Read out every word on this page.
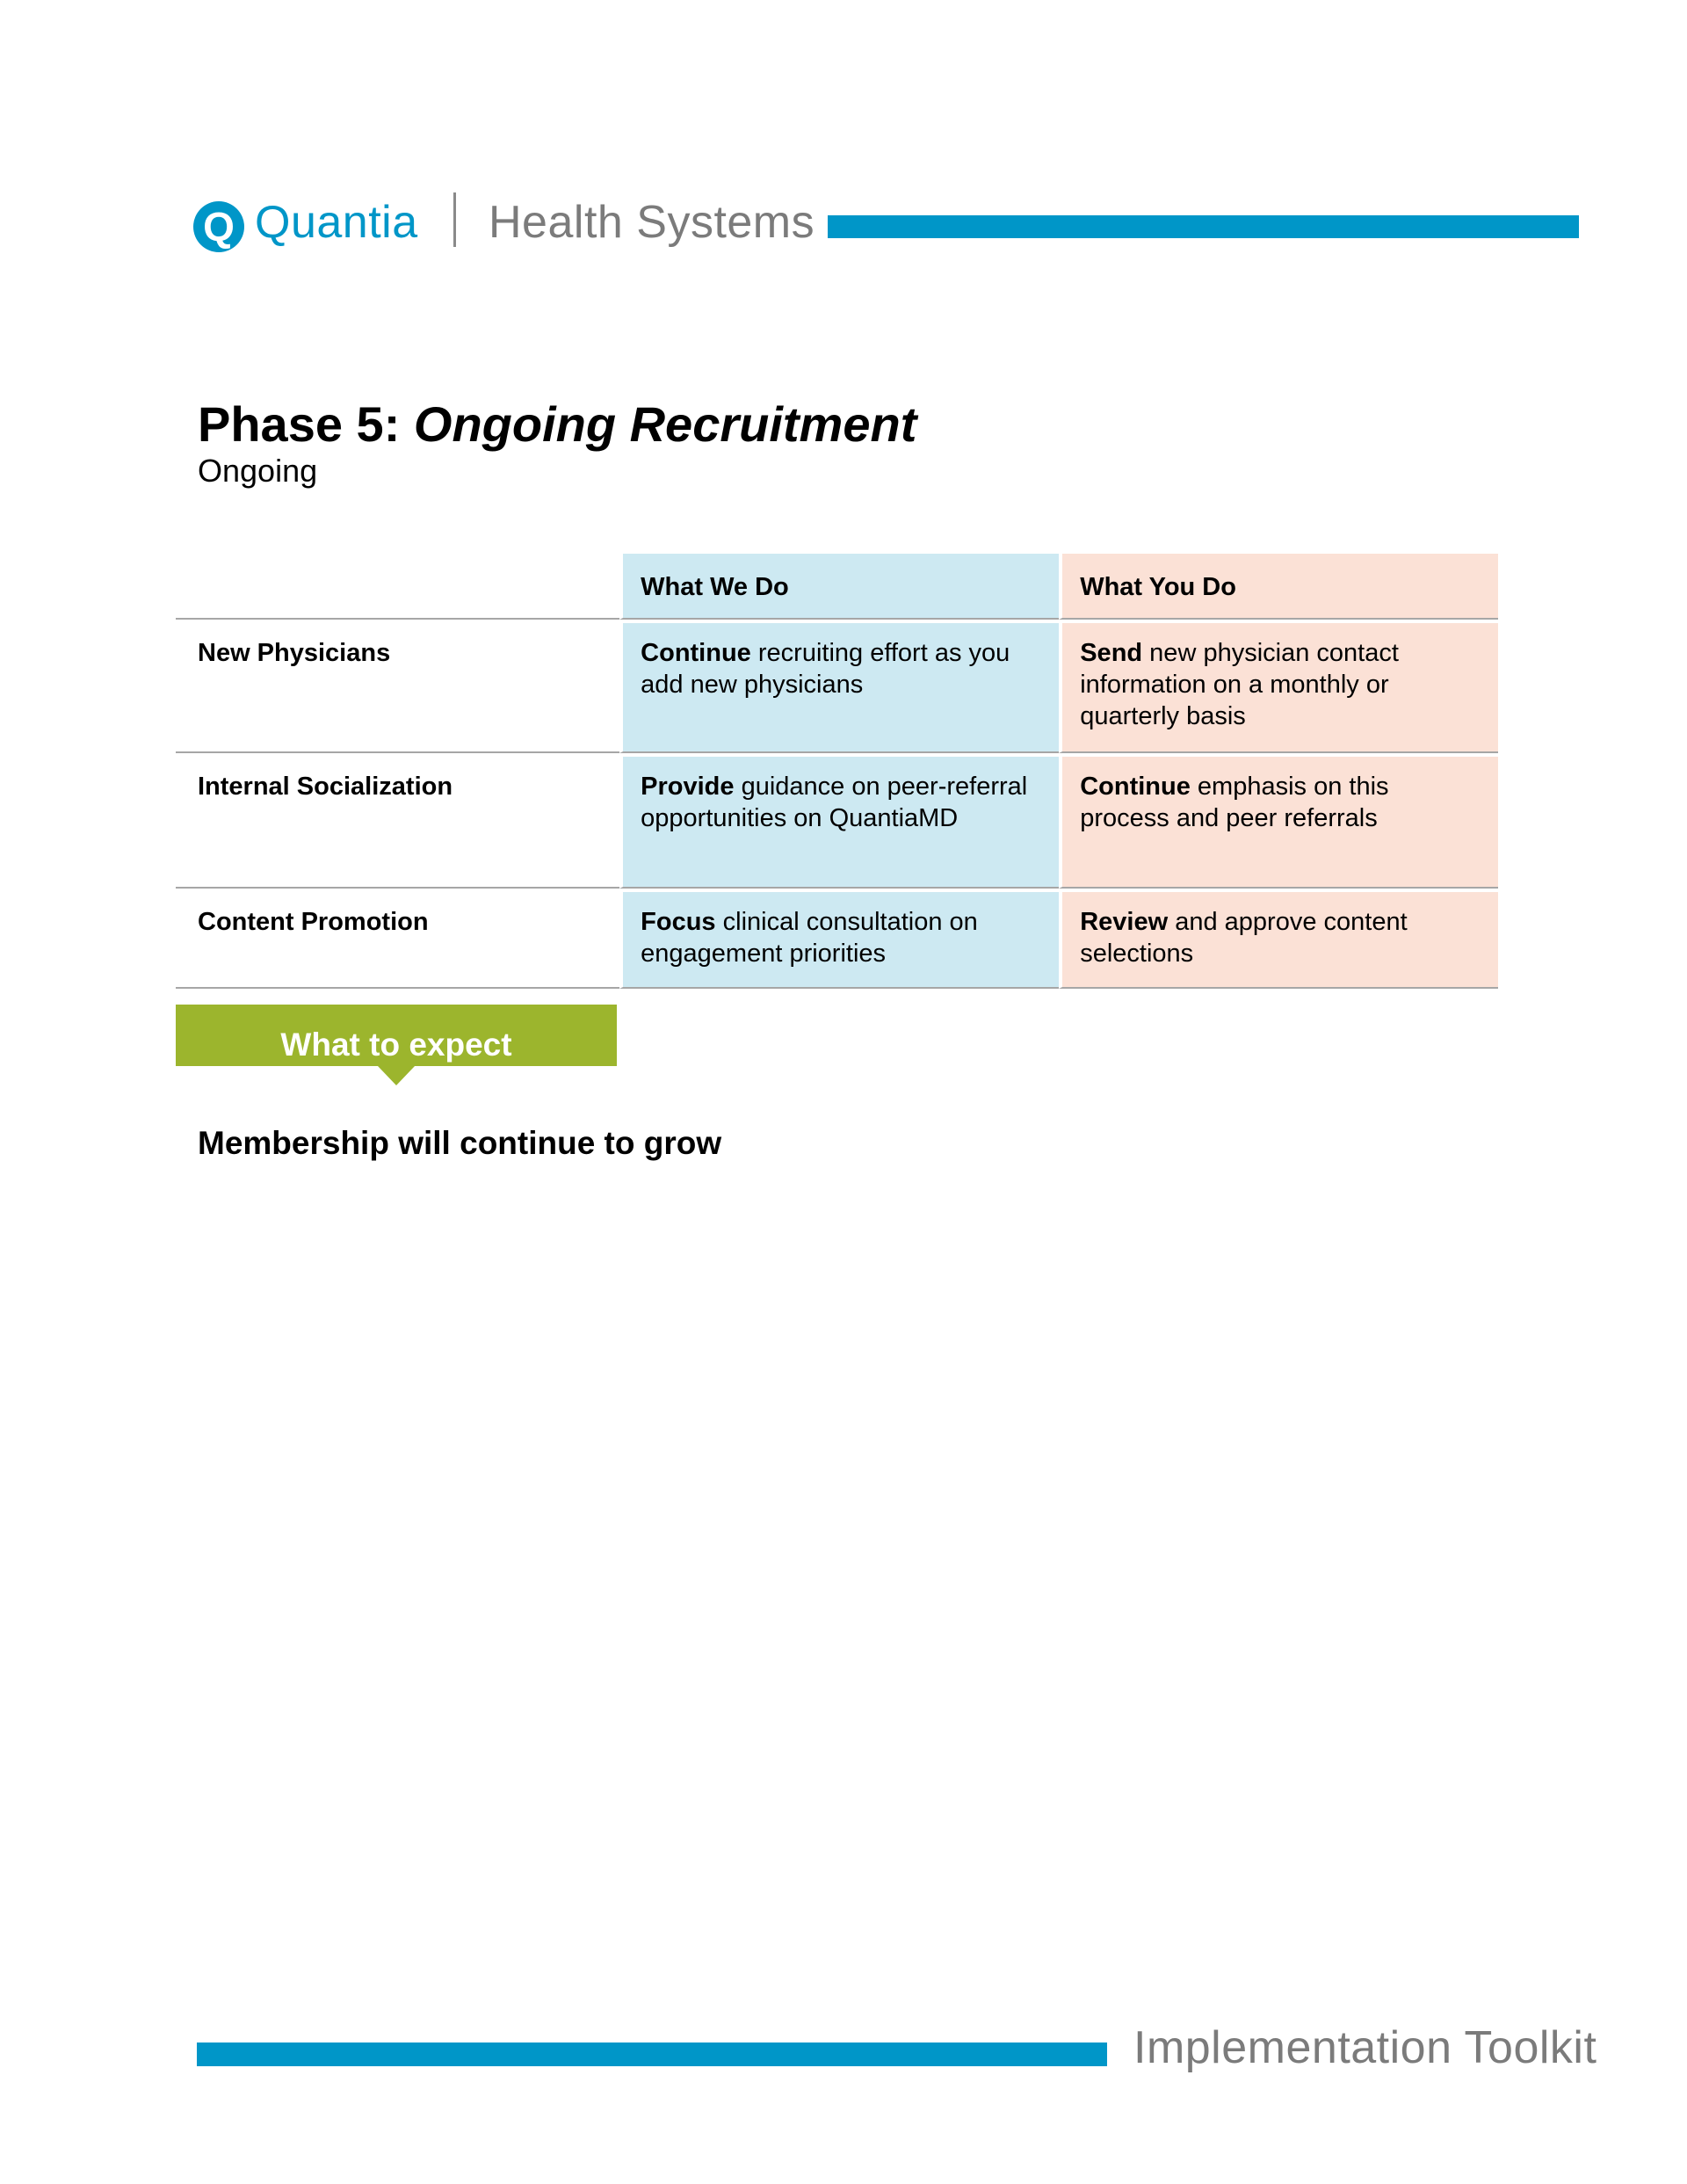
Q Quantia Health Systems
Phase 5: Ongoing Recruitment
Ongoing
	What We Do	What You Do
New Physicians	Continue recruiting effort as you add new physicians	Send new physician contact information on a monthly or quarterly basis
Internal Socialization	Provide guidance on peer-referral opportunities on QuantiaMD	Continue emphasis on this process and peer referrals
Content Promotion	Focus clinical consultation on engagement priorities	Review and approve content selections
What to expect
Membership will continue to grow
Implementation Toolkit
